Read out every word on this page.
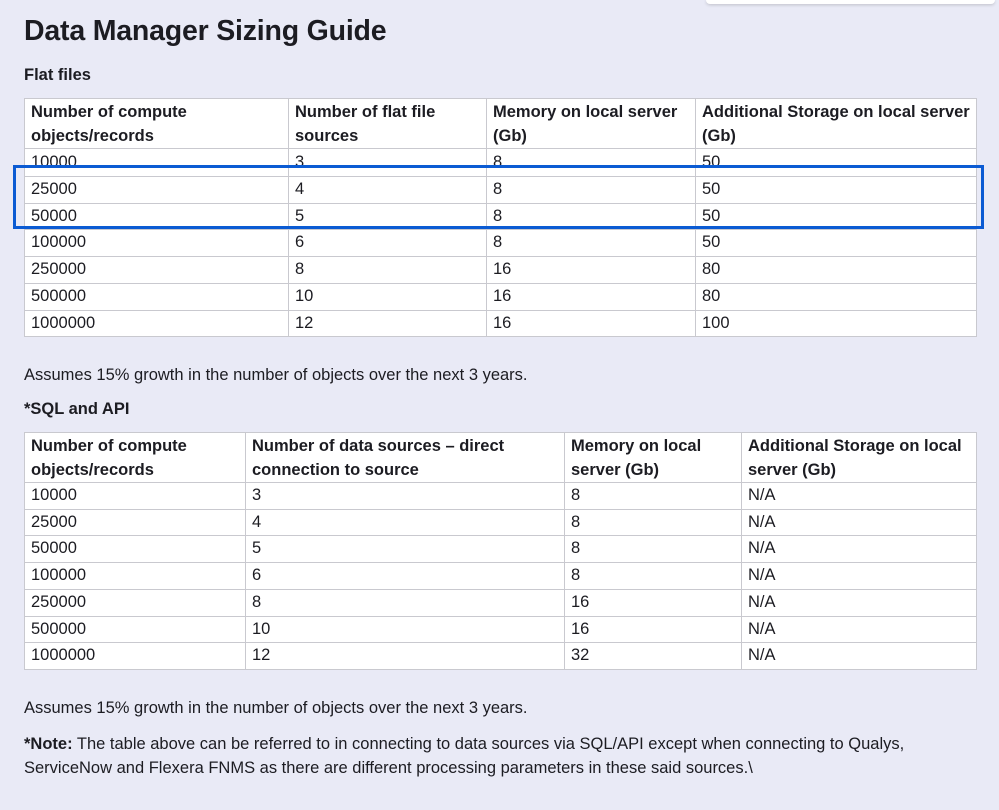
Data Manager Sizing Guide
Flat files
Number of compute objects/records	Number of flat file sources	Memory on local server (Gb)	Additional Storage on local server (Gb)
10000	3	8	50
25000	4	8	50
50000	5	8	50
100000	6	8	50
250000	8	16	80
500000	10	16	80
1000000	12	16	100
Assumes 15% growth in the number of objects over the next 3 years.
*SQL and API
Number of compute objects/records	Number of data sources – direct connection to source	Memory on local server (Gb)	Additional Storage on local server (Gb)
10000	3	8	N/A
25000	4	8	N/A
50000	5	8	N/A
100000	6	8	N/A
250000	8	16	N/A
500000	10	16	N/A
1000000	12	32	N/A
Assumes 15% growth in the number of objects over the next 3 years.
*Note: The table above can be referred to in connecting to data sources via SQL/API except when connecting to Qualys, ServiceNow and Flexera FNMS as there are different processing parameters in these said sources.\
